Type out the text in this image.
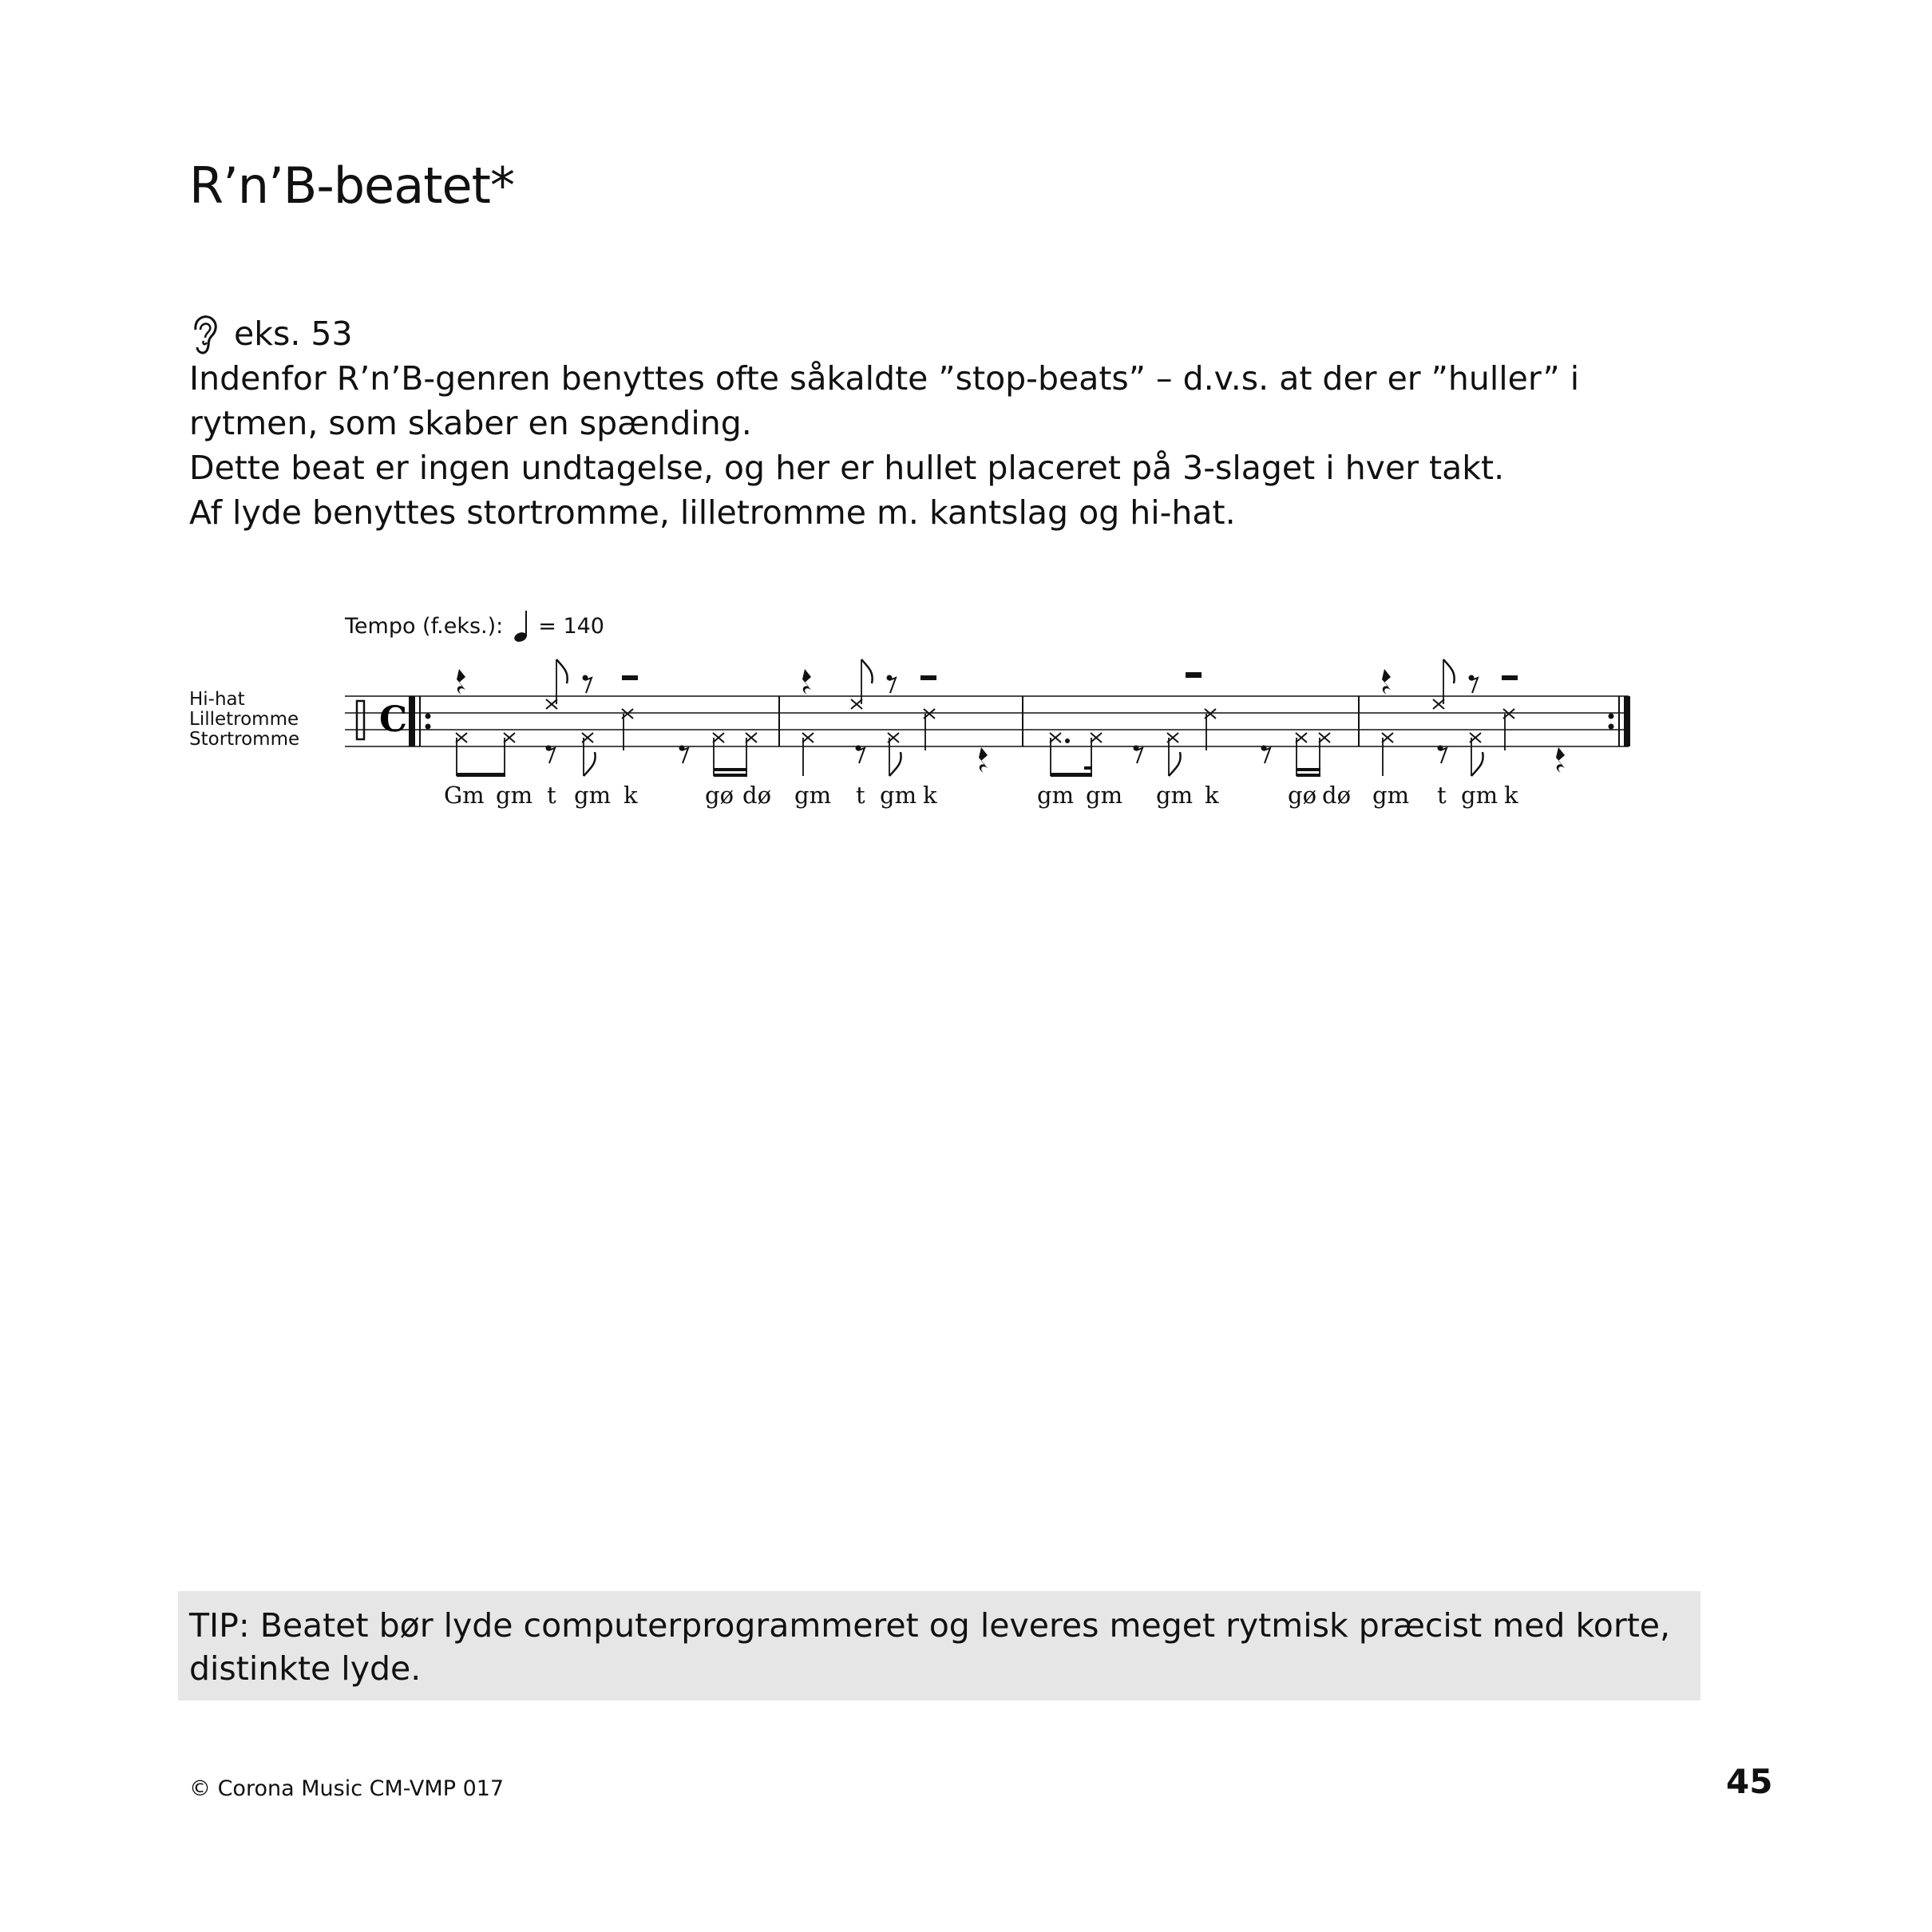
R’n’B-beatet*
eks. 53

Indenfor R’n’B-genren benyttes ofte såkaldte ”stop-beats” – d.v.s. at der er ”huller” i rytmen, som skaber en spænding.

Dette beat er ingen undtagelse, og her er hullet placeret på 3-slaget i hver takt.

Af lyde benyttes stortromme, lilletromme m. kantslag og hi-hat.

Tempo (f.eks.): = 140
Hi-hat
Lilletromme
Stortromme C
Gm gm t gm k	gø dø gm t gm k	gm gm gm k	gø dø gm t gm k
TIP: Beatet bør lyde computerprogrammeret og leveres meget rytmisk præcist med korte, distinkte lyde.
© Corona Music CM-VMP 017	45
